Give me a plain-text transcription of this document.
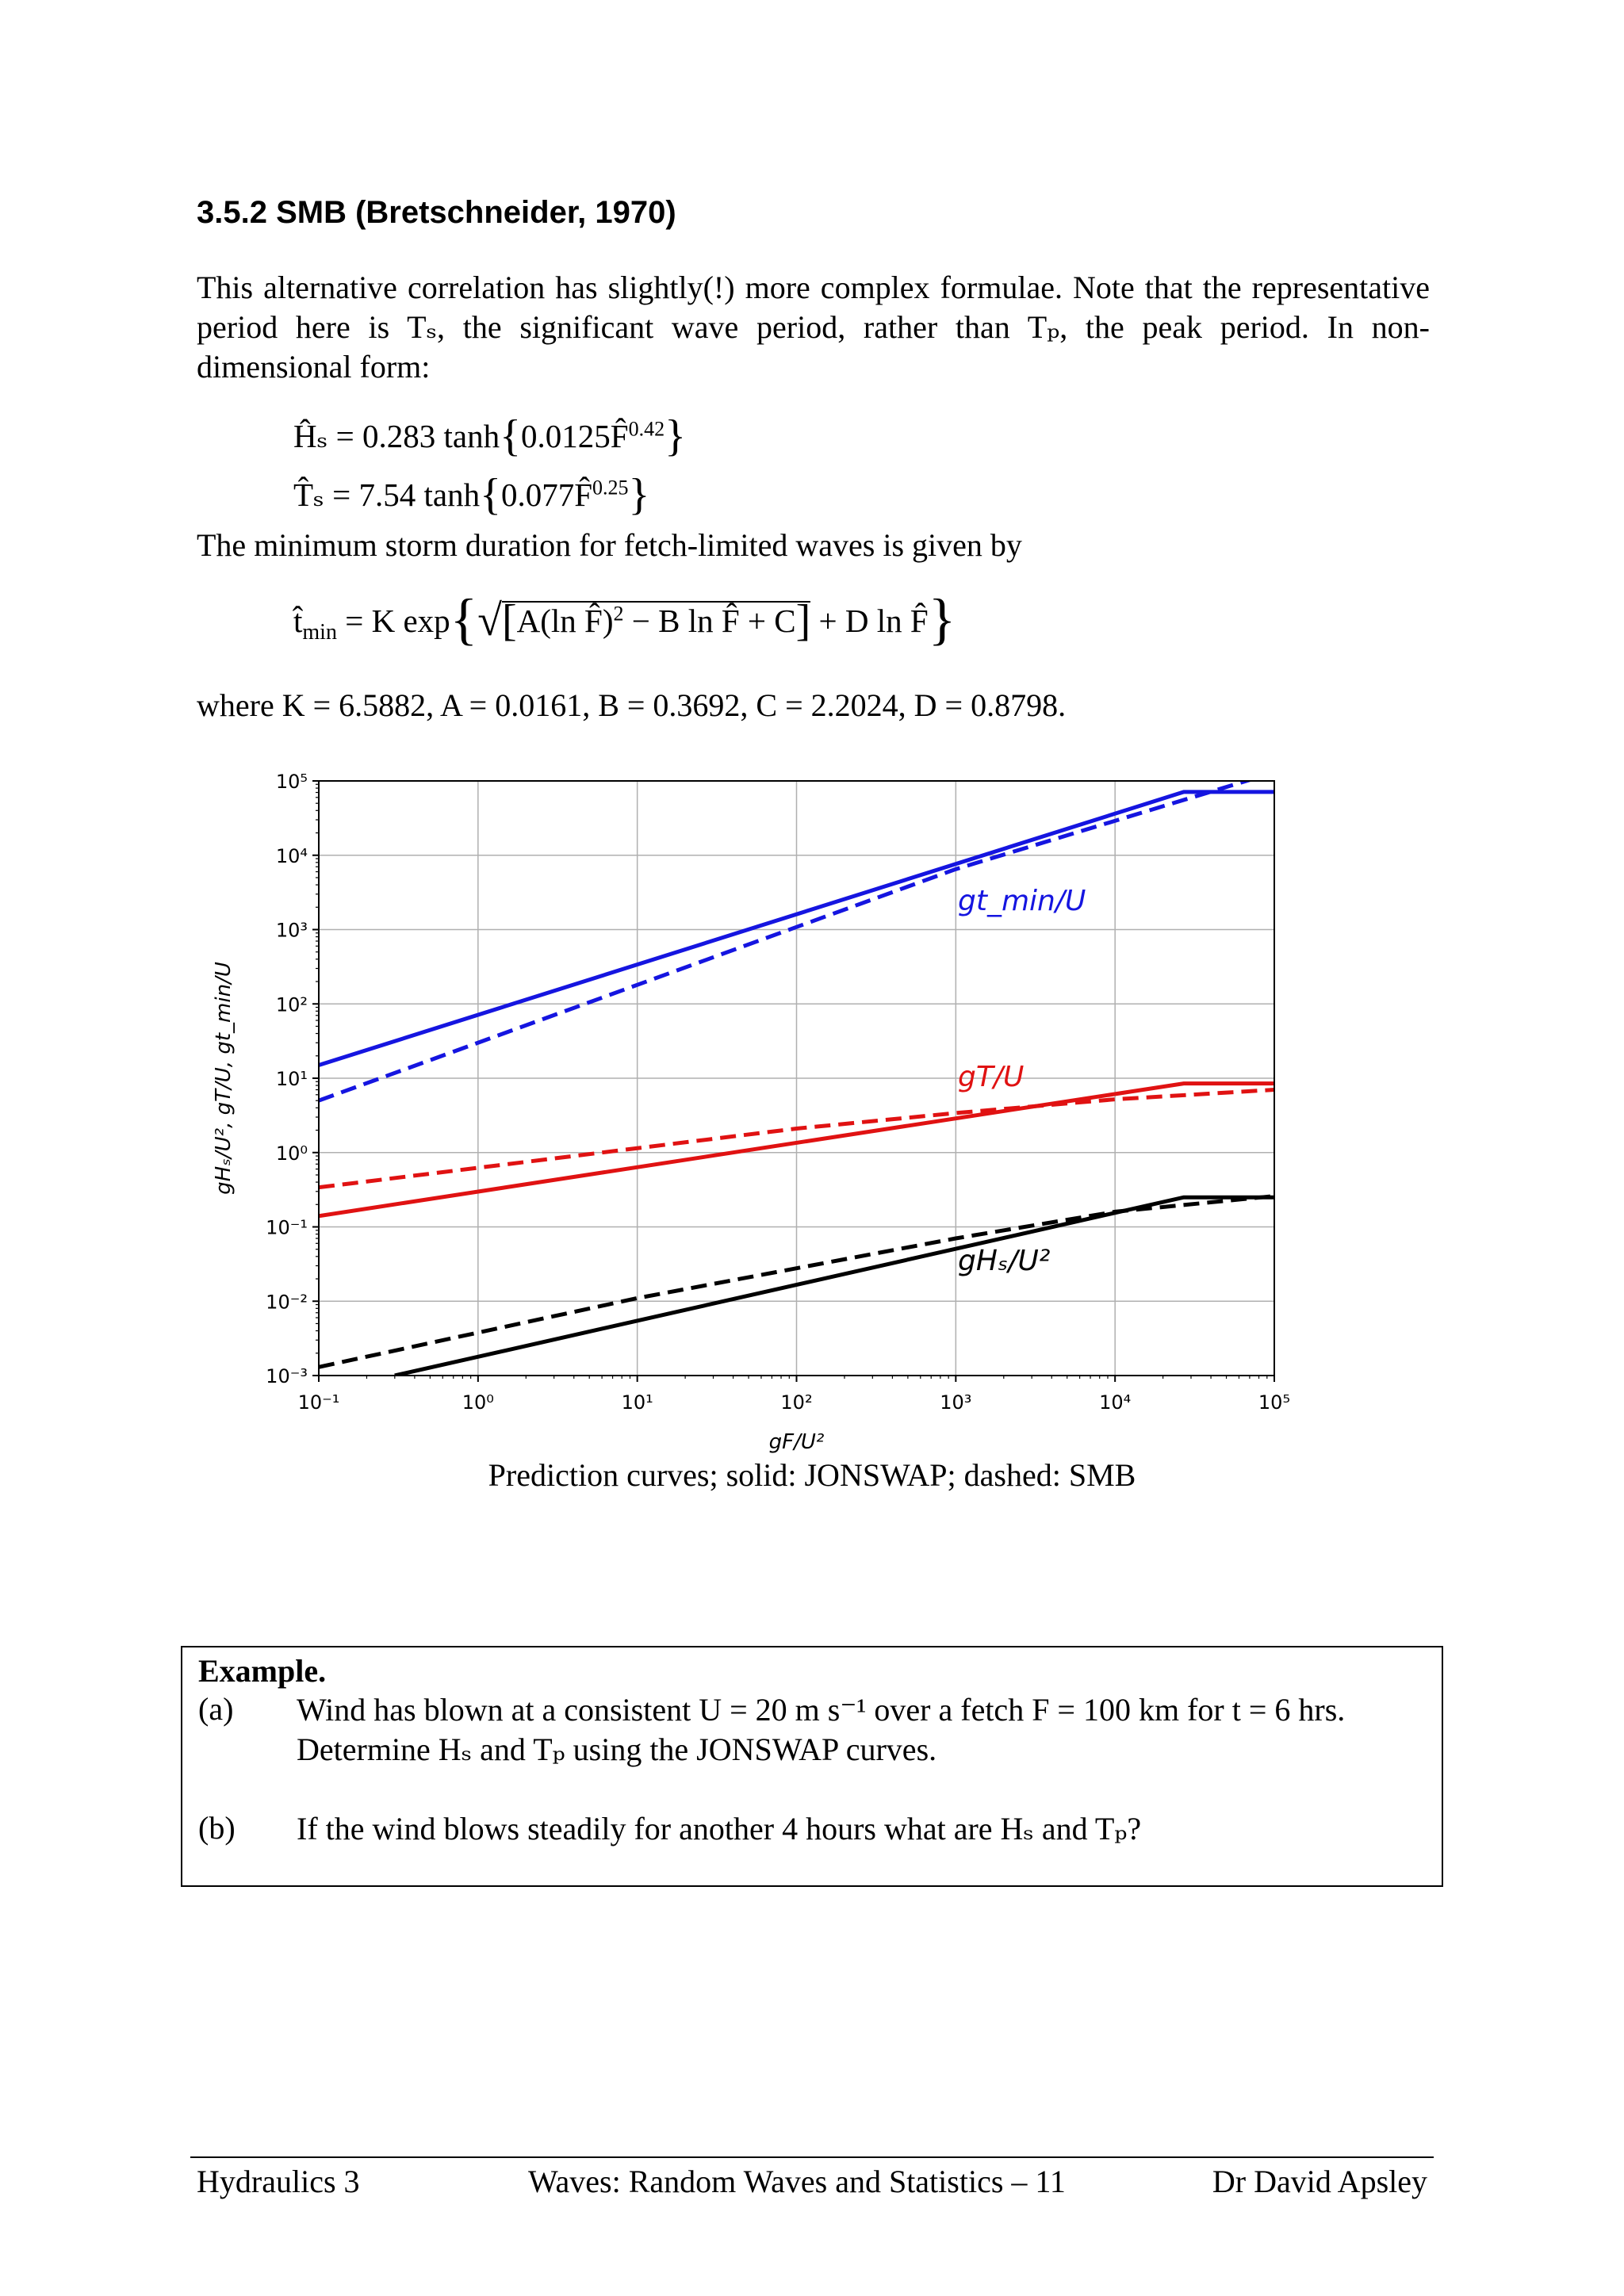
3.5.2 SMB (Bretschneider, 1970)

This alternative correlation has slightly(!) more complex formulae. Note that the representative period here is Tₛ, the significant wave period, rather than Tₚ, the peak period. In non-dimensional form:

Ĥₛ = 0.283 tanh{0.0125F̂$^{0.42}$}
T̂ₛ = 7.54 tanh{0.077F̂$^{0.25}$}

The minimum storm duration for fetch-limited waves is given by

$t̂_{min} = K$ exp{√[A(ln F̂)$^2$ − B ln F̂ + C] + D ln F̂}

where K = 6.5882, A = 0.0161, B = 0.3692, C = 2.2024, D = 0.8798.

10⁻¹	10⁰	10¹	10²	10³	10⁴	10⁵
10⁻³
10⁻²
10⁻¹
10⁰
10¹
10²
10³
10⁴
10⁵
gF/U²
gHₛ/U², gT/U, gt_min/U
gt_min/U
gT/U
gHₛ/U²
Prediction curves; solid: JONSWAP; dashed: SMB
Example.
(a) Wind has blown at a consistent U = 20 m s⁻¹ over a fetch F = 100 km for t = 6 hrs.
Determine Hₛ and Tₚ using the JONSWAP curves.
(b) If the wind blows steadily for another 4 hours what are Hₛ and Tₚ?
Hydraulics 3	Waves: Random Waves and Statistics – 11	Dr David Apsley
